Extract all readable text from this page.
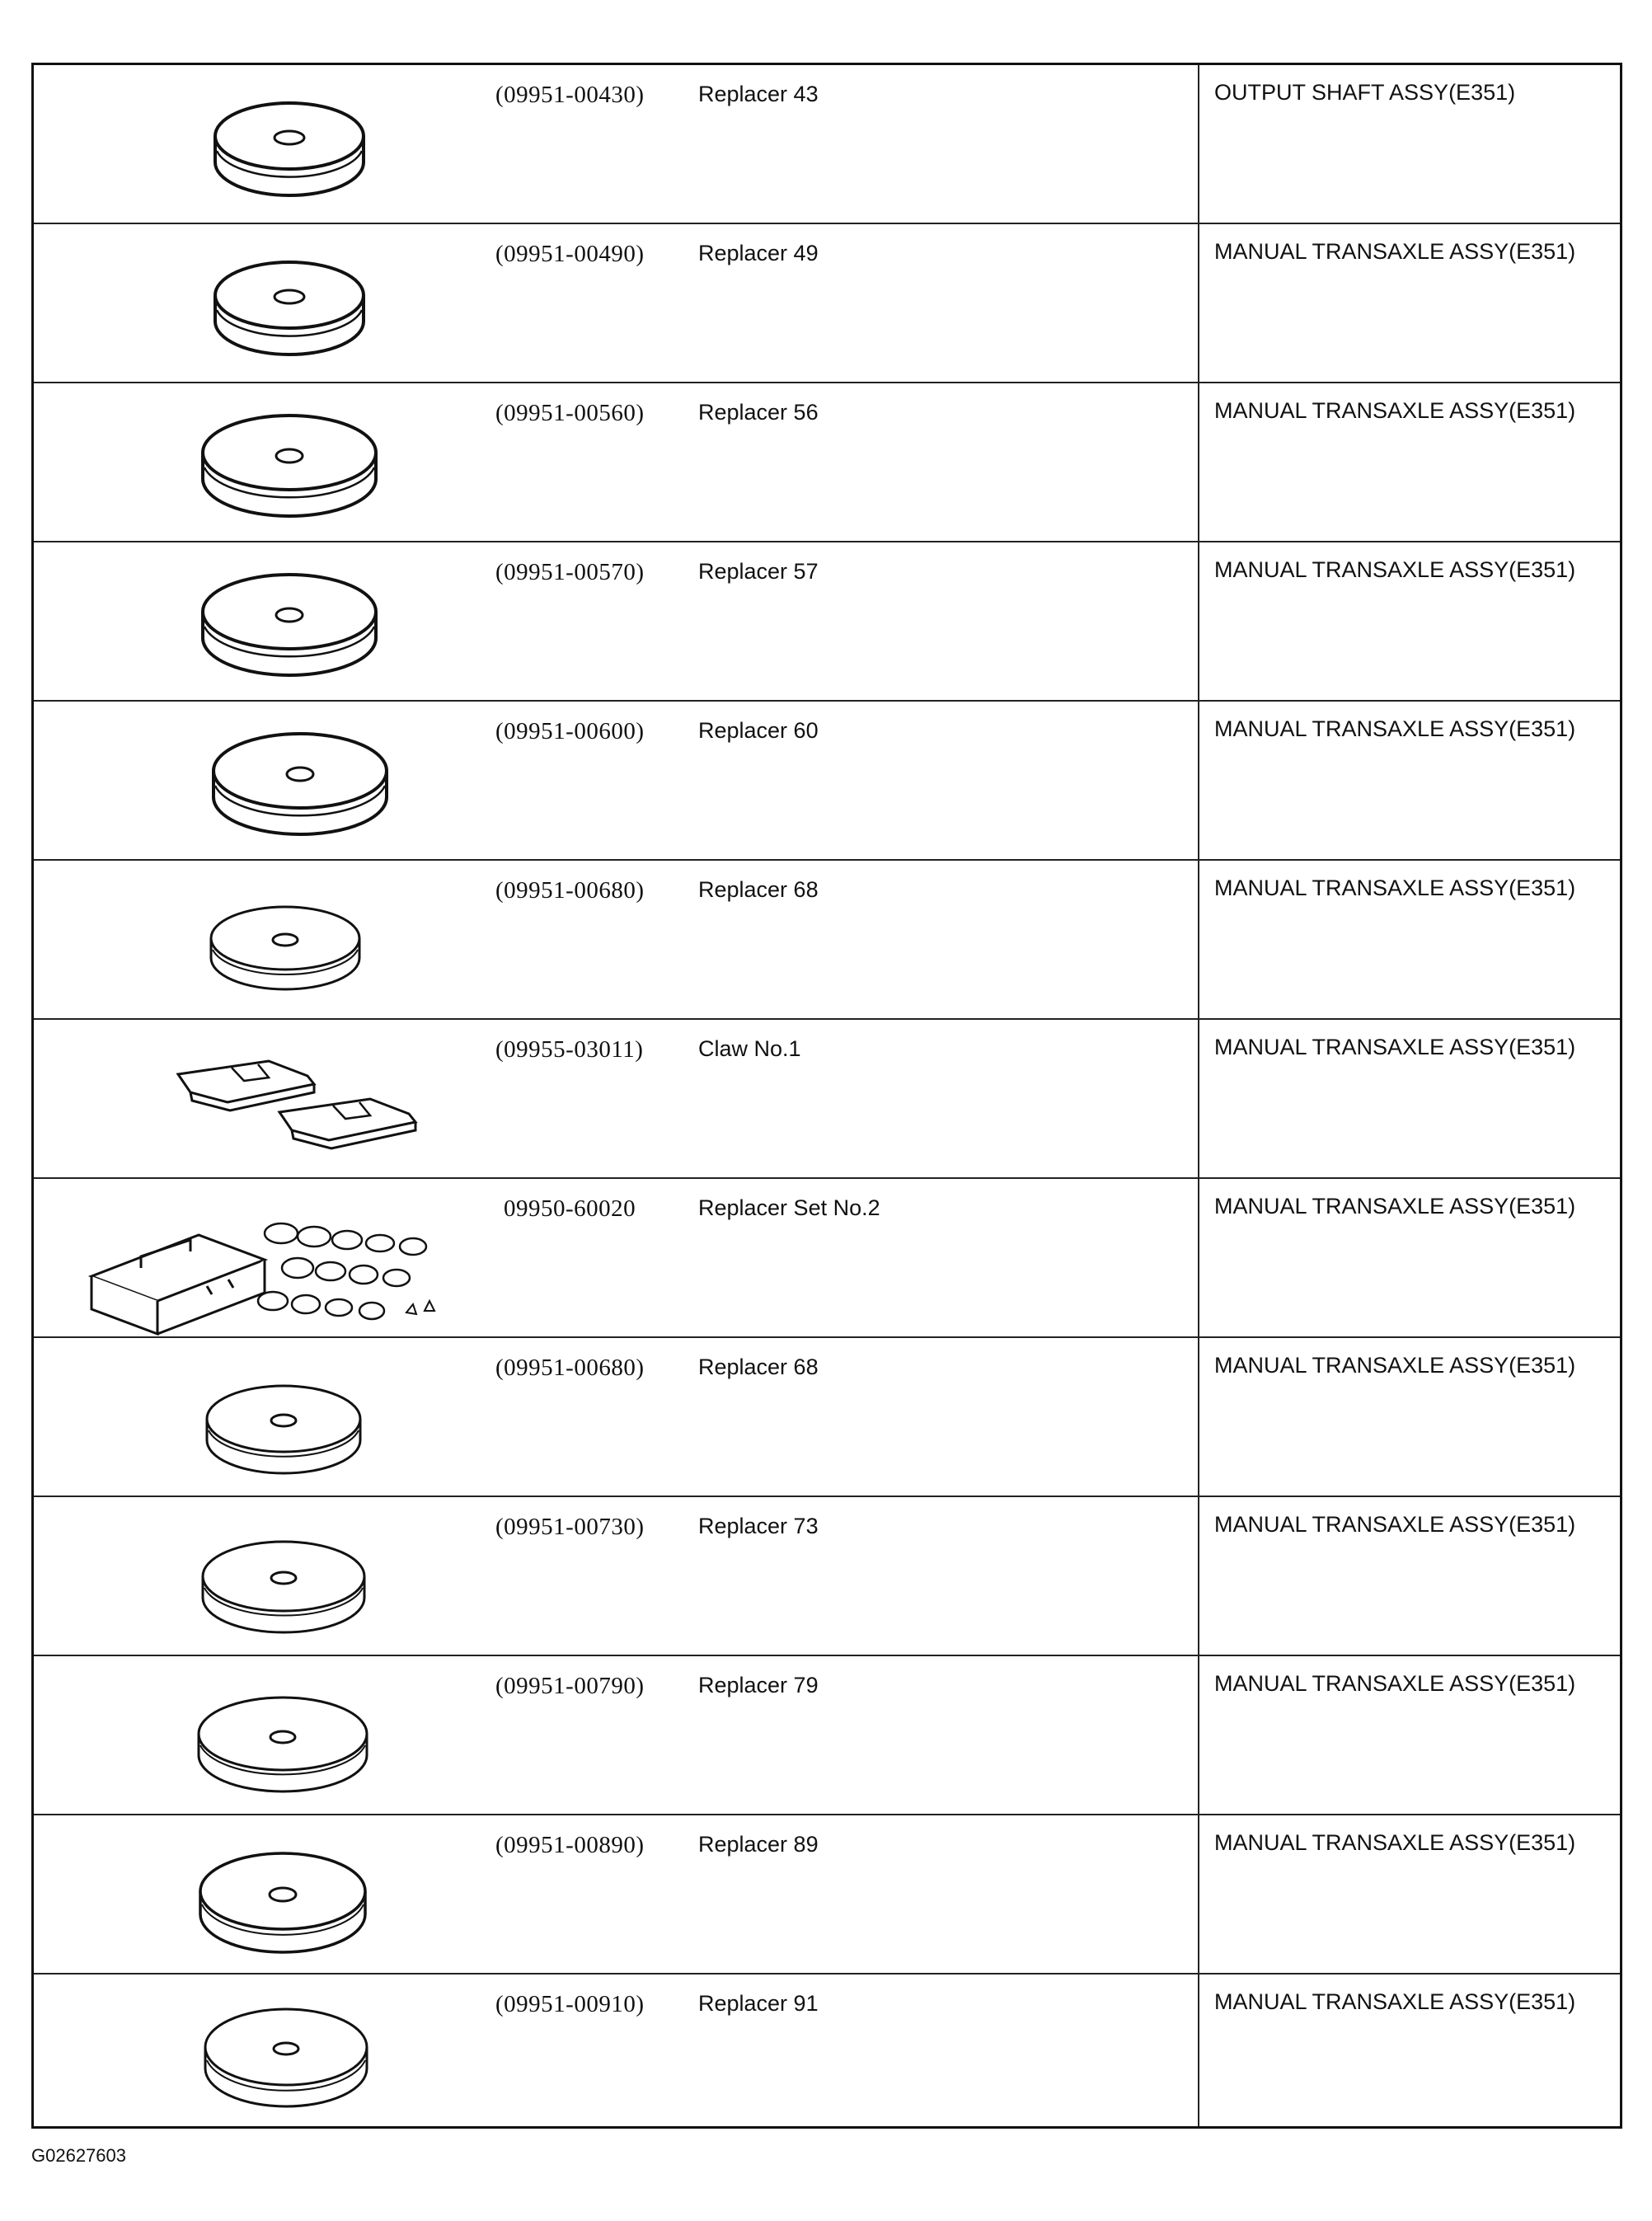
(09951-00430) Replacer 43	OUTPUT SHAFT ASSY(E351)
(09951-00490) Replacer 49	MANUAL TRANSAXLE ASSY(E351)
(09951-00560) Replacer 56	MANUAL TRANSAXLE ASSY(E351)
(09951-00570) Replacer 57	MANUAL TRANSAXLE ASSY(E351)
(09951-00600) Replacer 60	MANUAL TRANSAXLE ASSY(E351)
(09951-00680) Replacer 68	MANUAL TRANSAXLE ASSY(E351)
(09955-03011) Claw No.1	MANUAL TRANSAXLE ASSY(E351)
09950-60020	Replacer Set No.2	MANUAL TRANSAXLE ASSY(E351)
(09951-00680) Replacer 68	MANUAL TRANSAXLE ASSY(E351)
(09951-00730) Replacer 73	MANUAL TRANSAXLE ASSY(E351)
(09951-00790) Replacer 79	MANUAL TRANSAXLE ASSY(E351)
(09951-00890) Replacer 89	MANUAL TRANSAXLE ASSY(E351)
(09951-00910) Replacer 91	MANUAL TRANSAXLE ASSY(E351)
G02627603
